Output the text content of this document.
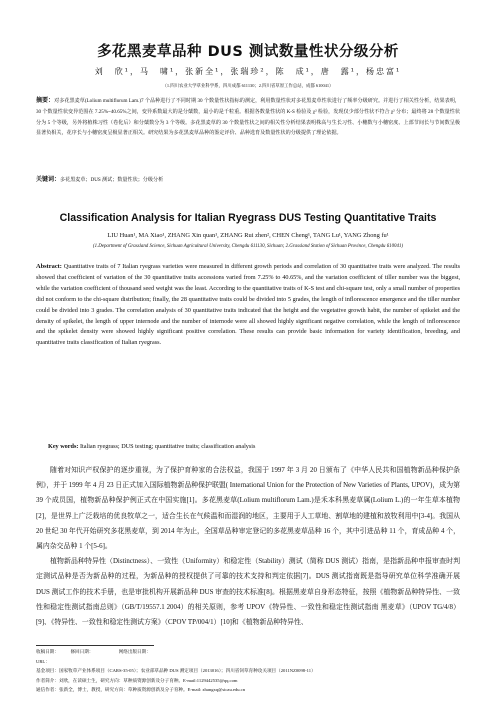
多花黑麦草品种 DUS 测试数量性状分级分析
刘　欣¹，马　啸¹，张新全¹，张瑞珍²，陈　成¹，唐　露¹，杨忠富¹
（1.四川农业大学草业科学系，四川成都 611130；2.四川省草原工作总站，成都 610041）
摘要：对多花黑麦草(Lolium multiflorum Lam.)7 个品种进行了不同时期 30 个数量性状指标的测定，利用数量性状对多花黑麦草性状进行了频率分级研究。并进行了相关性分析，结果表明，30 个数量性状变异范围在 7.25%~40.65%之间，变异系数最大的是分蘖数，最小的是千粒重。根据各数量性状的 K-S 检验及 χ² 检验，发现仅少部分性状不符合 χ² 分布；最终将 28 个数量性状分为 5 个等级，另外将植株习性（卷化后）和分蘖数分为 3 个等级。多花黑麦草的 30 个数量性状之间的相关性分析结果表明株高与生长习性、小穗数与小穗密度、上部节间长与节间数呈极显著负相关，花序长与小穗密度呈极显著正相关。研究结果为多花黑麦草品种的鉴定评价、品种选育及数量性状的分级提供了理论依据。
关键词：多花黑麦草；DUS 测试；数量性状；分级分析
Classification Analysis for Italian Ryegrass DUS Testing Quantitative Traits
LIU Huan¹, MA Xiao¹, ZHANG Xin quan¹, ZHANG Rui zhen², CHEN Cheng¹, TANG Lu¹, YANG Zhong fu¹
(1.Department of Grassland Science, Sichuan Agricultural University, Chengdu 611130, Sichuan; 2.Grassland Station of Sichuan Province, Chengdu 610041)
Abstract: Quantitative traits of 7 Italian ryegrass varieties were measured in different growth periods and correlation of 30 quantitative traits were analyzed. The results showed that coefficient of variation of the 30 quantitative traits accessions varied from 7.25% to 40.65%, and the variation coefficient of tiller number was the biggest, while the variation coefficient of thousand seed weight was the least. According to the quantitative traits of K-S test and chi-square test, only a small number of properties did not conform to the chi-square distribution; finally, the 28 quantitative traits could be divided into 5 grades, the length of inflorescence emergence and the tiller number could be divided into 3 grades. The correlation analysis of 30 quantitative traits indicated that the height and the vegetative growth habit, the number of spikelet and the density of spikelet, the length of upper internode and the number of internode were all showed highly significant negative correlation, while the length of inflorescence and the spikelet density were showed highly significant positive correlation. These results can provide basic information for variety identification, breeding, and quantitative traits classification of Italian ryegrass.
Key words: Italian ryegrass; DUS testing; quantitative traits; classification analysis

随着对知识产权保护的逐步重视，为了保护育种家的合法权益，我国于 1997 年 3 月 20 日颁布了《中华人民共和国植物新品种保护条例》，并于 1999 年 4 月 23 日正式加入国际植物新品种保护联盟( International Union for the Protection of New Varieties of Plants, UPOV)，成为第 39 个成员国，植物新品种保护例正式在中国实施[1]。多花黑麦草(Lolium multiflorum Lam.)是禾本科黑麦草属(Lolium L.)的一年生草本植物[2]，是世界上广泛栽培的优良牧草之一，适合生长在气候温和而湿润的地区，主要用于人工草地、割草地的建植和放牧利用中[3-4]。我国从 20 世纪 30 年代开始研究多花黑麦草，到 2014 年为止，全国草品种审定登记的多花黑麦草品种 16 个，其中引进品种 11 个，育成品种 4 个，属内杂交品种 1 个[5-6]。

植物新品种特异性（Distinctness）、一致性（Uniformity）和稳定性（Stability）测试（简称 DUS 测试）指南，是指新品种申报审查时判定测试品种是否为新品种的过程，为新品种的授权提供了可靠的技术支持和判定依据[7]。DUS 测试指南既是指导研究单位科学准确开展 DUS 测试工作的技术手册，也是审批机构开展新品种 DUS 审查的技术标准[8]。根据黑麦草自身形态特征，按照《植物新品种特异性、一致性和稳定性测试指南总则》（GB/T/19557.1 2004）的相关原则，参考 UPOV《特异性、一致性和稳定性测试指南 黑麦草》（UPOV TG/4/8）[9]、《特异性、一致性和稳定性测试方案》（CPOV TP/004/1）[10]和《植物新品种特异性、

收稿日期：　　　修回日期：　　　　　　网络出版日期：
URL：
基金项目：国家牧草产业体系项目（CARS-35-05）；农业部草品种 DUS 测定项目（2013016）；四川省饲草育种攻关项目（2011NZ0098-11）
作者简介：刘欣，在读硕士生，研究方向：草种质资源创新及分子育种。E-mail:1129442535@qq.com
通信作者：张新全，博士，教授，研究方向：草种质资源创新及分子育种。E-mail: zhangxq@sicau.edu.cn
